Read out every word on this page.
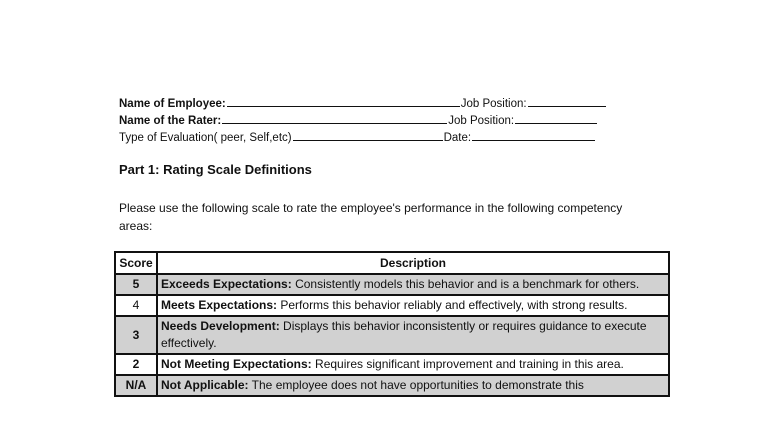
Name of Employee:	Job Position:
Name of the Rater:	Job Position:
Type of Evaluation( peer, Self,etc)	Date:
Part 1: Rating Scale Definitions
Please use the following scale to rate the employee's performance in the following competency areas:
Score	Description
5	Exceeds Expectations: Consistently models this behavior and is a benchmark for others.
4	Meets Expectations: Performs this behavior reliably and effectively, with strong results.
3	Needs Development: Displays this behavior inconsistently or requires guidance to execute effectively.
2	Not Meeting Expectations: Requires significant improvement and training in this area.
N/A	Not Applicable: The employee does not have opportunities to demonstrate this
